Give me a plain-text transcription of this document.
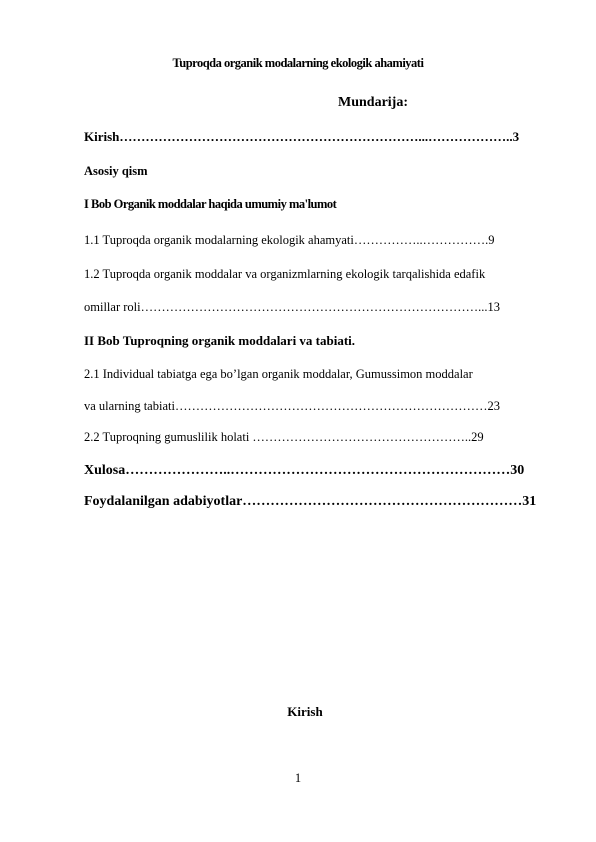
Tuproqda organik modalarning ekologik ahamiyati
Mundarija:
Kirish……………………………………………………………...………………..3
Asosiy qism
I Bob Organik moddalar haqida umumiy ma'lumot
1.1 Tuproqda organik modalarning ekologik ahamyati……………..…………….9
1.2 Tuproqda organik moddalar va organizmlarning ekologik tarqalishida edafik
omillar roli………………………………………………………………………...13
II Bob Tuproqning organik moddalari va tabiati.
2.1 Individual tabiatga ega bo’lgan organik moddalar, Gumussimon moddalar
va ularning tabiati…………………………………………………………………23
2.2 Tuproqning gumuslilik holati ……………………………………………..29
Xulosa…………………..……………………………………………………30
Foydalanilgan adabiyotlar……………………………………………………31
Kirish
1
